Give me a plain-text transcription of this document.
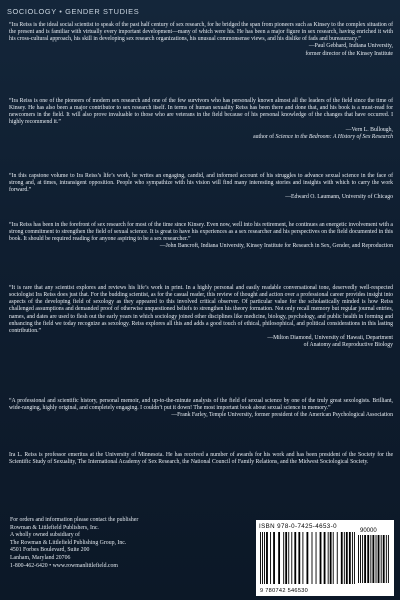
SOCIOLOGY • GENDER STUDIES

“Ira Reiss is the ideal social scientist to speak of the past half century of sex research, for he bridged the span from pioneers such as Kinsey to the complex situation of the present and is familiar with virtually every important development—many of which were his. He has been a major figure in sex research, having enriched it with his cross-cultural approach, his skill in developing sex research organizations, his unusual commonsense views, and his dislike of fads and bureaucracy.”
—Paul Gebhard, Indiana University,
former director of the Kinsey Institute

“Ira Reiss is one of the pioneers of modern sex research and one of the few survivors who has personally known almost all the leaders of the field since the time of Kinsey. He has also been a major contributor to sex research itself. In terms of human sexuality Reiss has been there and done that, and his book is a must-read for newcomers in the field. It will also prove invaluable to those who are veterans in the field because of his personal knowledge of the changes that have occurred. I highly recommend it.”
—Vern L. Bullough,
author of Science in the Bedroom: A History of Sex Research

“In this capstone volume to Ira Reiss’s life’s work, he writes an engaging, candid, and informed account of his struggles to advance sexual science in the face of strong and, at times, intransigent opposition. People who sympathize with his vision will find many interesting stories and insights with which to carry the work forward.”
—Edward O. Laumann, University of Chicago

“Ira Reiss has been in the forefront of sex research for most of the time since Kinsey. Even now, well into his retirement, he continues an energetic involvement with a strong commitment to strengthen the field of sexual science. It is great to have his experiences as a sex researcher and his perspectives on the field documented in this book. It should be required reading for anyone aspiring to be a sex researcher.”
—John Bancroft, Indiana University, Kinsey Institute for Research in Sex, Gender, and Reproduction

“It is rare that any scientist explores and reviews his life’s work in print. In a highly personal and easily readable conversational tone, deservedly well-respected sociologist Ira Reiss does just that. For the budding scientist, as for the casual reader, this review of thought and action over a professional career provides insight into aspects of the developing field of sexology as they appeared to this involved critical observer. Of particular value for the scholastically minded is how Reiss challenged assumptions and demanded proof of otherwise unquestioned beliefs to strengthen his theory formation. Not only recall memory but regular journal entries, names, and dates are used to flesh out the early years in which sociology joined other disciplines like medicine, biology, psychology, and public health in forming and enhancing the field we today recognize as sexology. Reiss explores all this and adds a good touch of ethical, philosophical, and political considerations in this lasting contribution.”
—Milton Diamond, University of Hawaii, Department
of Anatomy and Reproductive Biology

“A professional and scientific history, personal memoir, and up-to-the-minute analysis of the field of sexual science by one of the truly great sexologists. Brilliant, wide-ranging, highly original, and completely engaging. I couldn’t put it down! The most important book about sexual science in memory.”
—Frank Farley, Temple University, former president of the American Psychological Association

Ira L. Reiss is professor emeritus at the University of Minnesota. He has received a number of awards for his work and has been president of the Society for the Scientific Study of Sexuality, The International Academy of Sex Research, the National Council of Family Relations, and the Midwest Sociological Society.

For orders and information please contact the publisher
Rowman & Littlefield Publishers, Inc.
A wholly owned subsidiary of
The Rowman & Littlefield Publishing Group, Inc.
4501 Forbes Boulevard, Suite 200
Lanham, Maryland 20706
1-800-462-6420 • www.rowmanlittlefield.com
ISBN 978-0-7425-4653-0
90000
9 780742 546530
